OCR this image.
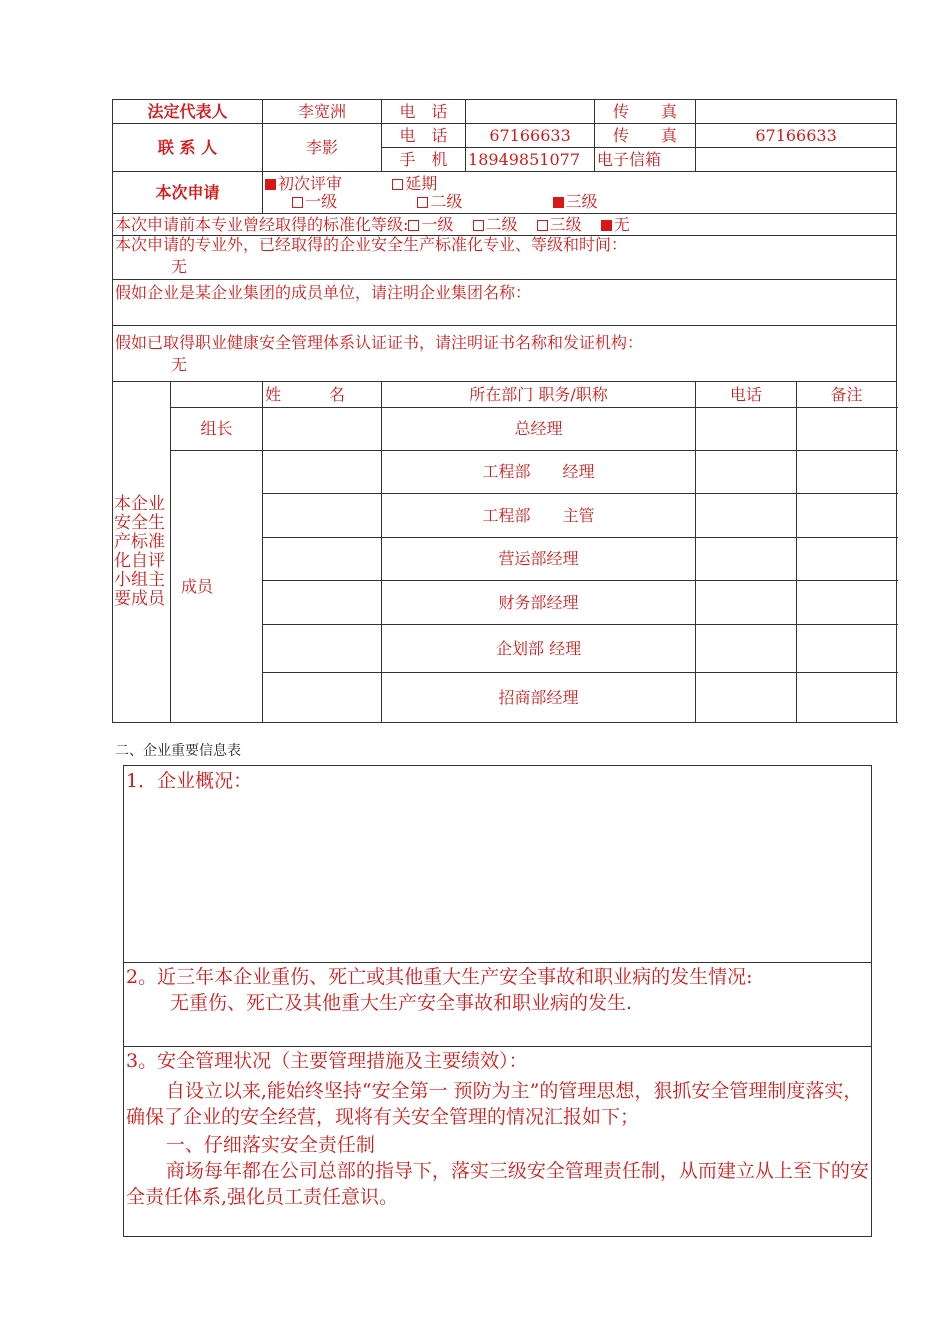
法定代表人		李宽洲	电　话		传　　真		
联 系 人		李影	电　话	67166633	传　　真	67166633	
			手　机	18949851077	电子信箱		
本次申请		初次评审 延期
一级 二级 三级					

本次申请前本专业曾经取得的标准化等级: 一级 二级 三级 无							

本次申请的专业外，已经取得的企业安全生产标准化专业、等级和时间：
无							

假如企业是某企业集团的成员单位，请注明企业集团名称：							

假如已取得职业健康安全管理体系认证证书，请注明证书名称和发证机构：
无							

本企业安全生产标准化自评小组主要成员		姓　　　名	所在部门 职务/职称			电话	备注
	组长		总经理				
	成员		工程部　　经理				
			工程部　　主管				
			营运部经理				
			财务部经理				
			企划部 经理				
			招商部经理				
二、企业重要信息表
1．企业概况：
2。近三年本企业重伤、死亡或其他重大生产安全事故和职业病的发生情况:
无重伤、死亡及其他重大生产安全事故和职业病的发生.
3。安全管理状况（主要管理措施及主要绩效）：
自设立以来,能始终坚持“安全第一 预防为主”的管理思想，狠抓安全管理制度落实，确保了企业的安全经营，现将有关安全管理的情况汇报如下；
一、仔细落实安全责任制
商场每年都在公司总部的指导下，落实三级安全管理责任制，从而建立从上至下的安全责任体系,强化员工责任意识。
